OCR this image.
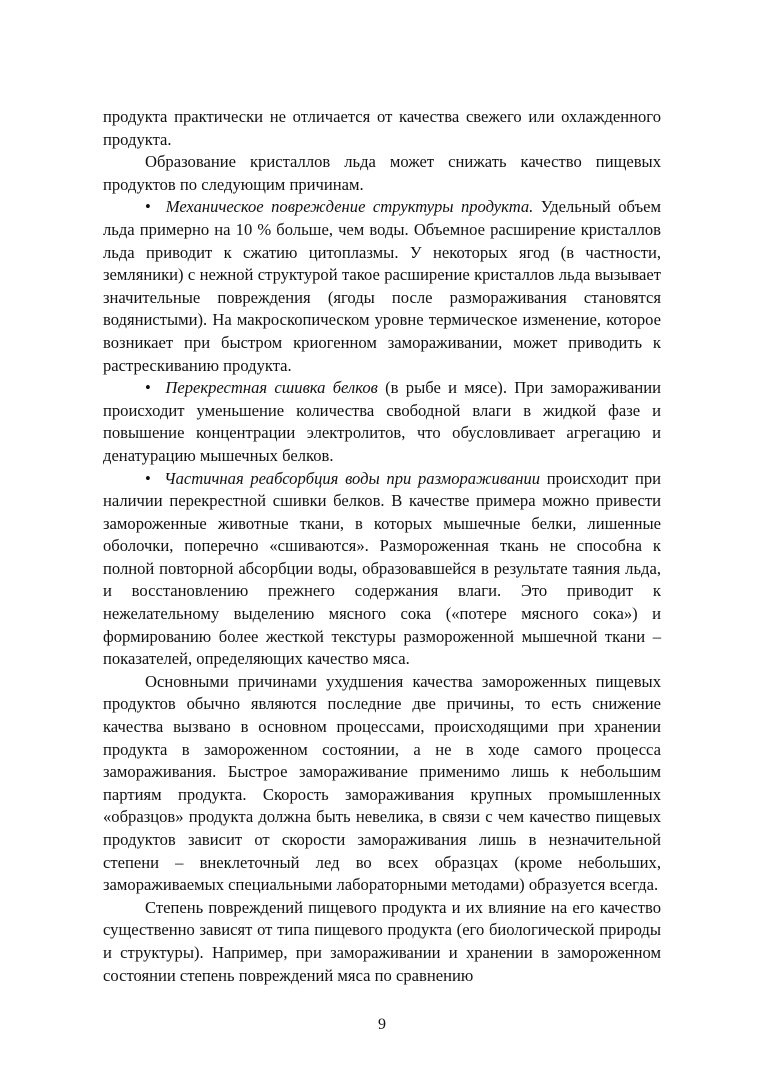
продукта практически не отличается от качества свежего или охлажденного продукта.

Образование кристаллов льда может снижать качество пищевых продуктов по следующим причинам.

• Механическое повреждение структуры продукта. Удельный объем льда примерно на 10 % больше, чем воды. Объемное расширение кристаллов льда приводит к сжатию цитоплазмы. У некоторых ягод (в частности, земляники) с нежной структурой такое расширение кристаллов льда вызывает значительные повреждения (ягоды после размораживания становятся водянистыми). На макроскопическом уровне термическое изменение, которое возникает при быстром криогенном замораживании, может приводить к растрескиванию продукта.

• Перекрестная сшивка белков (в рыбе и мясе). При замораживании происходит уменьшение количества свободной влаги в жидкой фазе и повышение концентрации электролитов, что обусловливает агрегацию и денатурацию мышечных белков.

• Частичная реабсорбция воды при размораживании происходит при наличии перекрестной сшивки белков. В качестве примера можно привести замороженные животные ткани, в которых мышечные белки, лишенные оболочки, поперечно «сшиваются». Размороженная ткань не способна к полной повторной абсорбции воды, образовавшейся в результате таяния льда, и восстановлению прежнего содержания влаги. Это приводит к нежелательному выделению мясного сока («потере мясного сока») и формированию более жесткой текстуры размороженной мышечной ткани – показателей, определяющих качество мяса.

Основными причинами ухудшения качества замороженных пищевых продуктов обычно являются последние две причины, то есть снижение качества вызвано в основном процессами, происходящими при хранении продукта в замороженном состоянии, а не в ходе самого процесса замораживания. Быстрое замораживание применимо лишь к небольшим партиям продукта. Скорость замораживания крупных промышленных «образцов» продукта должна быть невелика, в связи с чем качество пищевых продуктов зависит от скорости замораживания лишь в незначительной степени – внеклеточный лед во всех образцах (кроме небольших, замораживаемых специальными лабораторными методами) образуется всегда.

Степень повреждений пищевого продукта и их влияние на его качество существенно зависят от типа пищевого продукта (его биологической природы и структуры). Например, при замораживании и хранении в замороженном состоянии степень повреждений мяса по сравнению

9
